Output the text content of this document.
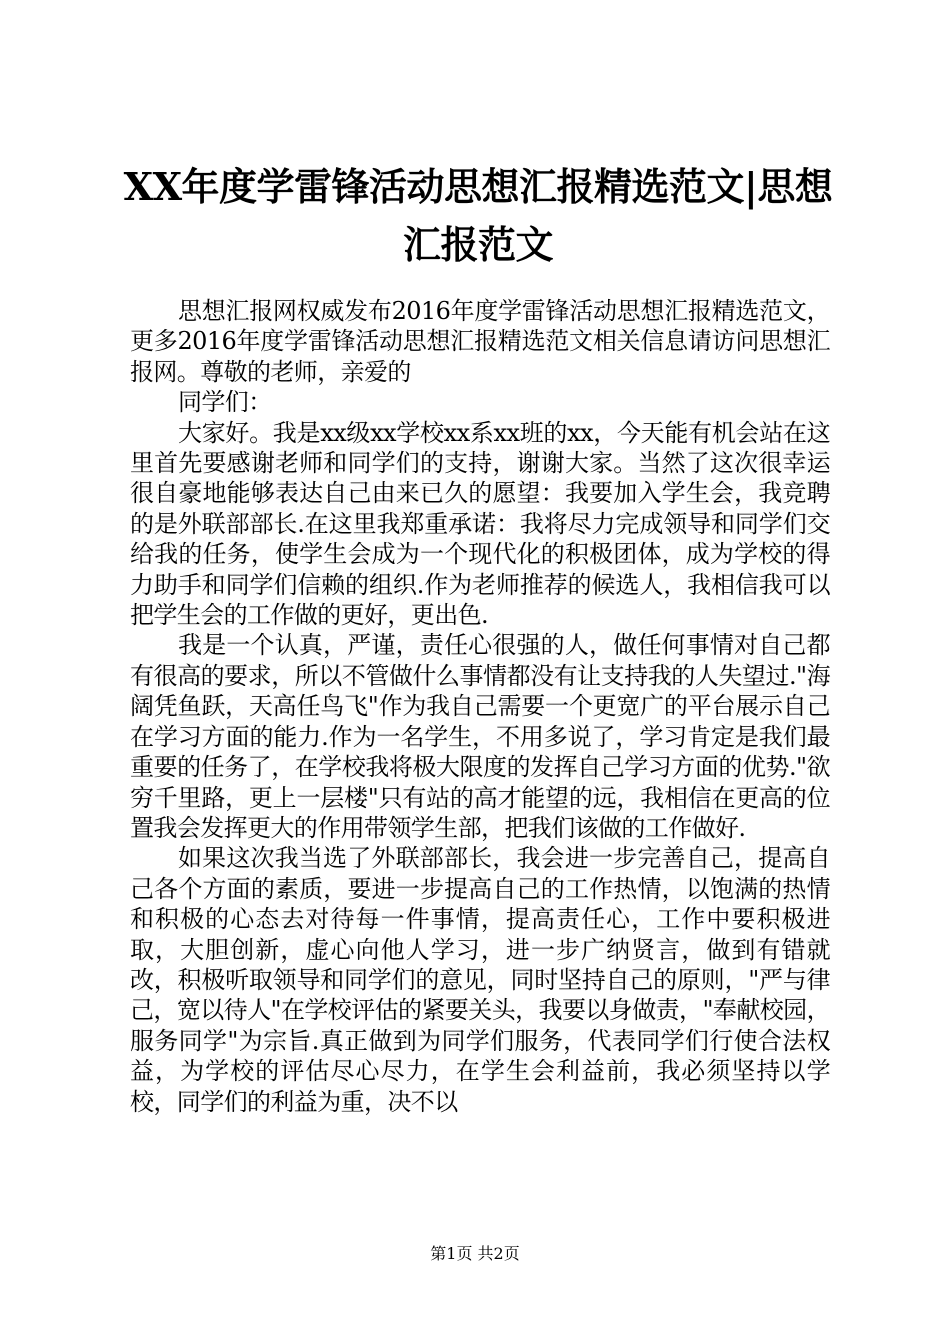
XX年度学雷锋活动思想汇报精选范文|思想汇报范文

思想汇报网权威发布2016年度学雷锋活动思想汇报精选范文，更多2016年度学雷锋活动思想汇报精选范文相关信息请访问思想汇报网。尊敬的老师，亲爱的

同学们：

大家好。我是xx级xx学校xx系xx班的xx，今天能有机会站在这里首先要感谢老师和同学们的支持，谢谢大家。当然了这次很幸运很自豪地能够表达自己由来已久的愿望：我要加入学生会，我竞聘的是外联部部长.在这里我郑重承诺：我将尽力完成领导和同学们交给我的任务，使学生会成为一个现代化的积极团体，成为学校的得力助手和同学们信赖的组织.作为老师推荐的候选人，我相信我可以把学生会的工作做的更好，更出色.

我是一个认真，严谨，责任心很强的人，做任何事情对自己都有很高的要求，所以不管做什么事情都没有让支持我的人失望过."海阔凭鱼跃，天高任鸟飞"作为我自己需要一个更宽广的平台展示自己在学习方面的能力.作为一名学生，不用多说了，学习肯定是我们最重要的任务了，在学校我将极大限度的发挥自己学习方面的优势."欲穷千里路，更上一层楼"只有站的高才能望的远，我相信在更高的位置我会发挥更大的作用带领学生部，把我们该做的工作做好.

如果这次我当选了外联部部长，我会进一步完善自己，提高自己各个方面的素质，要进一步提高自己的工作热情，以饱满的热情和积极的心态去对待每一件事情，提高责任心，工作中要积极进取，大胆创新，虚心向他人学习，进一步广纳贤言，做到有错就改，积极听取领导和同学们的意见，同时坚持自己的原则，"严与律己，宽以待人"在学校评估的紧要关头，我要以身做责，"奉献校园，服务同学"为宗旨.真正做到为同学们服务，代表同学们行使合法权益，为学校的评估尽心尽力，在学生会利益前，我必须坚持以学校，同学们的利益为重，决不以

第1页 共2页
